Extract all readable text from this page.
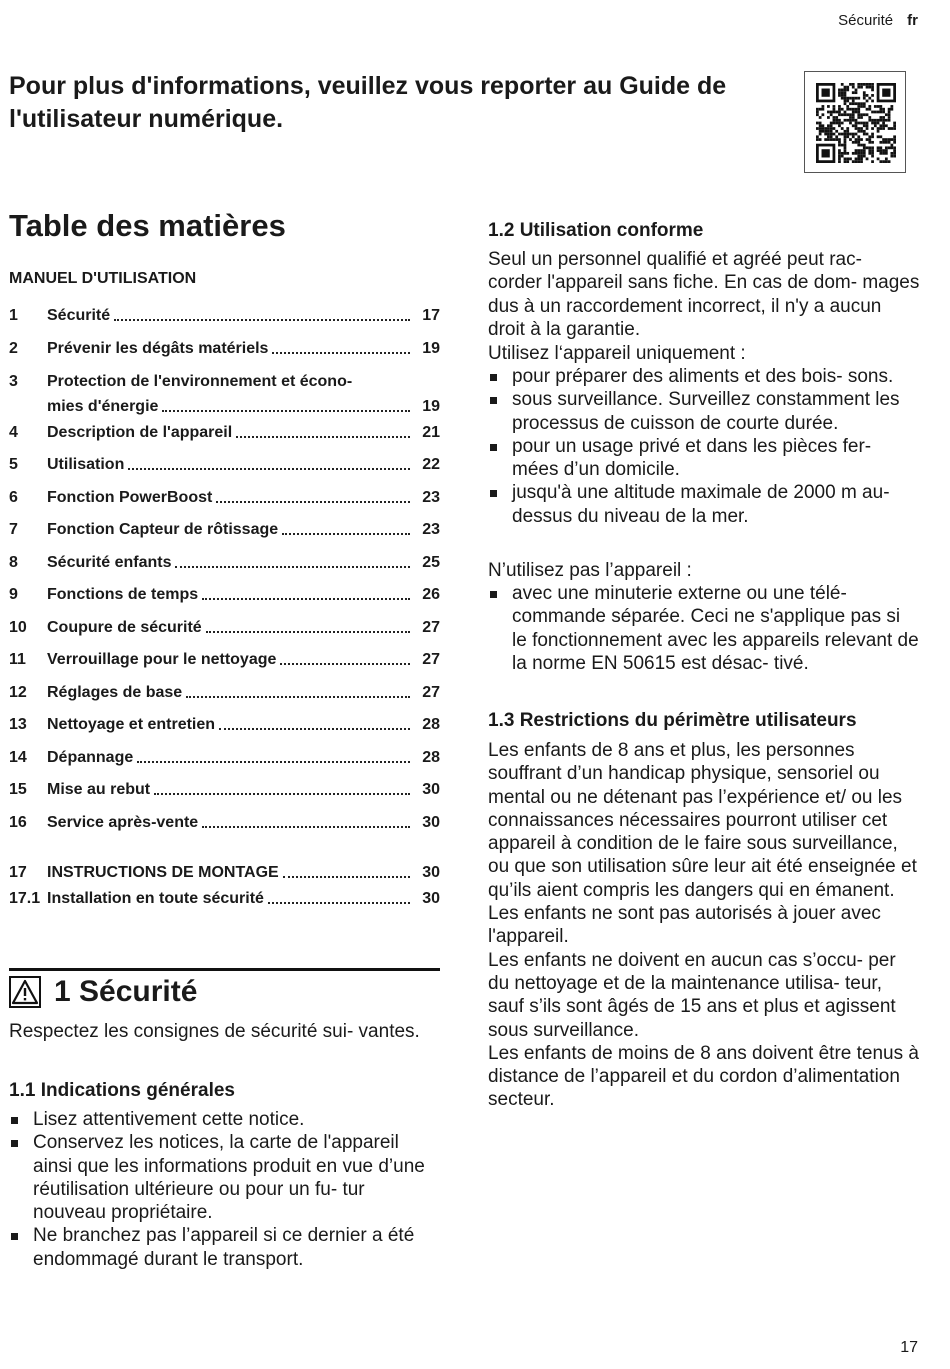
Sécurité fr
Pour plus d'informations, veuillez vous reporter au Guide de l'utilisateur numérique.
Table des matières
MANUEL D'UTILISATION
1 Sécurité	17
2 Prévenir les dégâts matériels	19
3 Protection de l'environnement et écono-
mies d'énergie	19
4 Description de l'appareil	21
5 Utilisation	22
6 Fonction PowerBoost	23
7 Fonction Capteur de rôtissage	23
8 Sécurité enfants	25
9 Fonctions de temps	26
10 Coupure de sécurité	27
11 Verrouillage pour le nettoyage	27
12 Réglages de base	27
13 Nettoyage et entretien	28
14 Dépannage	28
15 Mise au rebut	30
16 Service après-vente	30
17 INSTRUCTIONS DE MONTAGE	30
17.1 Installation en toute sécurité	30
1 Sécurité
Respectez les consignes de sécurité sui- vantes.
1.1 Indications générales
Lisez attentivement cette notice.
Conservez les notices, la carte de l'appareil ainsi que les informations produit en vue d’une réutilisation ultérieure ou pour un fu- tur nouveau propriétaire.
Ne branchez pas l’appareil si ce dernier a été endommagé durant le transport.
1.2 Utilisation conforme
Seul un personnel qualifié et agréé peut rac- corder l'appareil sans fiche. En cas de dom- mages dus à un raccordement incorrect, il n'y a aucun droit à la garantie.
Utilisez l‘appareil uniquement :
pour préparer des aliments et des bois- sons.
sous surveillance. Surveillez constamment les processus de cuisson de courte durée.
pour un usage privé et dans les pièces fer- mées d’un domicile.
jusqu'à une altitude maximale de 2000 m au-dessus du niveau de la mer.
N’utilisez pas l’appareil :
avec une minuterie externe ou une télé- commande séparée. Ceci ne s'applique pas si le fonctionnement avec les appareils relevant de la norme EN 50615 est désac- tivé.
1.3 Restrictions du périmètre utilisateurs
Les enfants de 8 ans et plus, les personnes souffrant d’un handicap physique, sensoriel ou mental ou ne détenant pas l’expérience et/ ou les connaissances nécessaires pourront utiliser cet appareil à condition de le faire sous surveillance, ou que son utilisation sûre leur ait été enseignée et qu’ils aient compris les dangers qui en émanent.
Les enfants ne sont pas autorisés à jouer avec l'appareil.
Les enfants ne doivent en aucun cas s’occu- per du nettoyage et de la maintenance utilisa- teur, sauf s’ils sont âgés de 15 ans et plus et agissent sous surveillance.
Les enfants de moins de 8 ans doivent être tenus à distance de l’appareil et du cordon d’alimentation secteur.
17
